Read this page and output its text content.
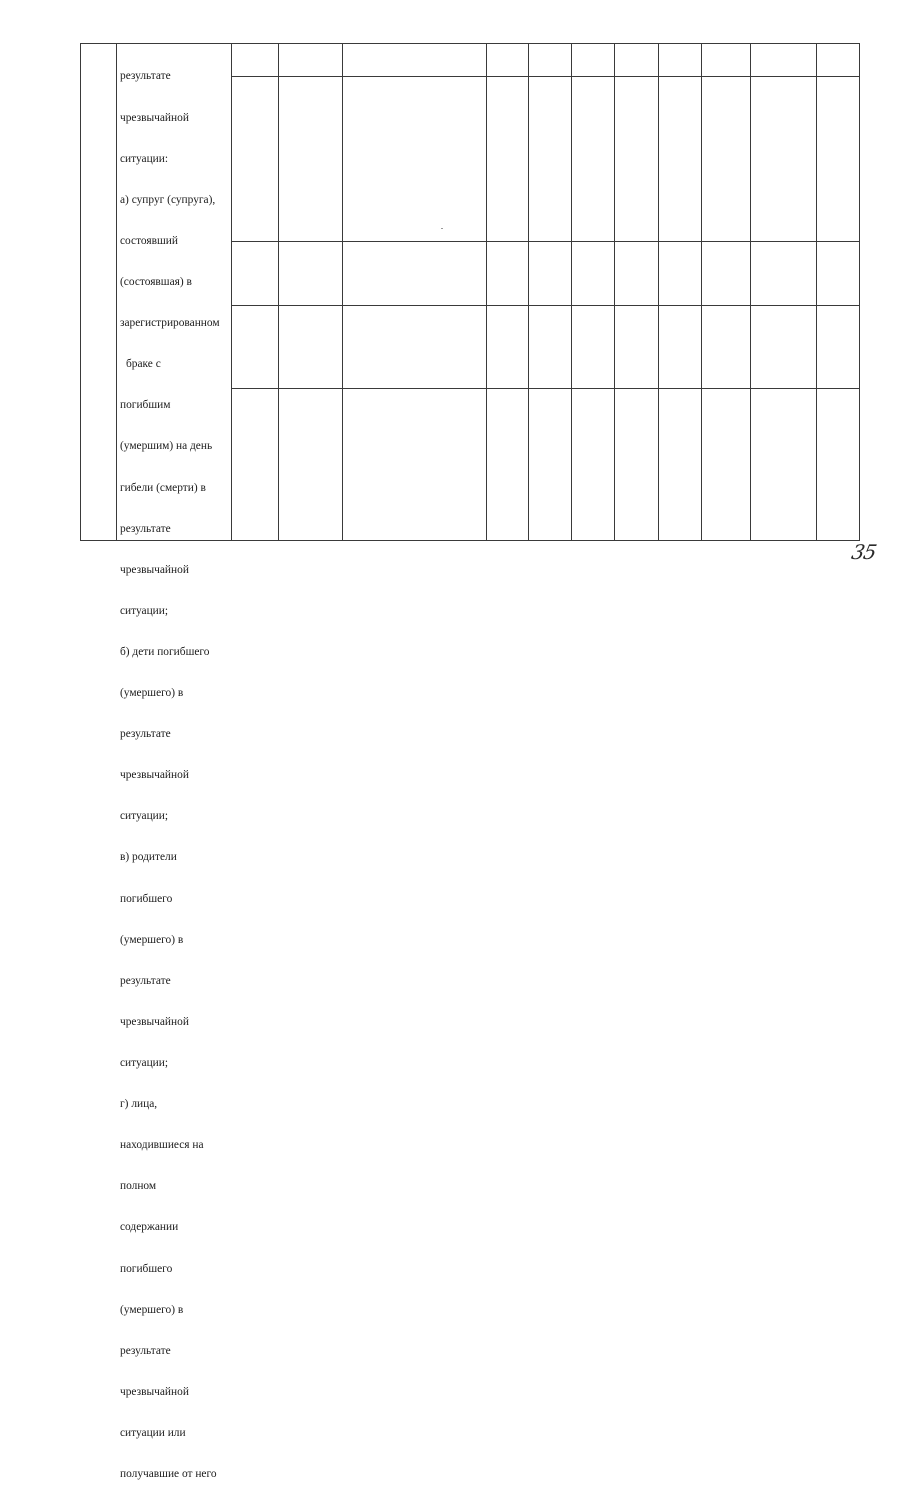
результате

чрезвычайной

ситуации:

а) супруг (супруга),

состоявший

(состоявшая) в

зарегистрированном

браке с

погибшим

(умершим) на день

гибели (смерти) в

результате

чрезвычайной

ситуации;

б) дети погибшего

(умершего) в

результате

чрезвычайной

ситуации;

в) родители

погибшего

(умершего) в

результате

чрезвычайной

ситуации;

г) лица,

находившиеся на

полном

содержании

погибшего

(умершего) в

результате

чрезвычайной

ситуации или

получавшие от него

35
